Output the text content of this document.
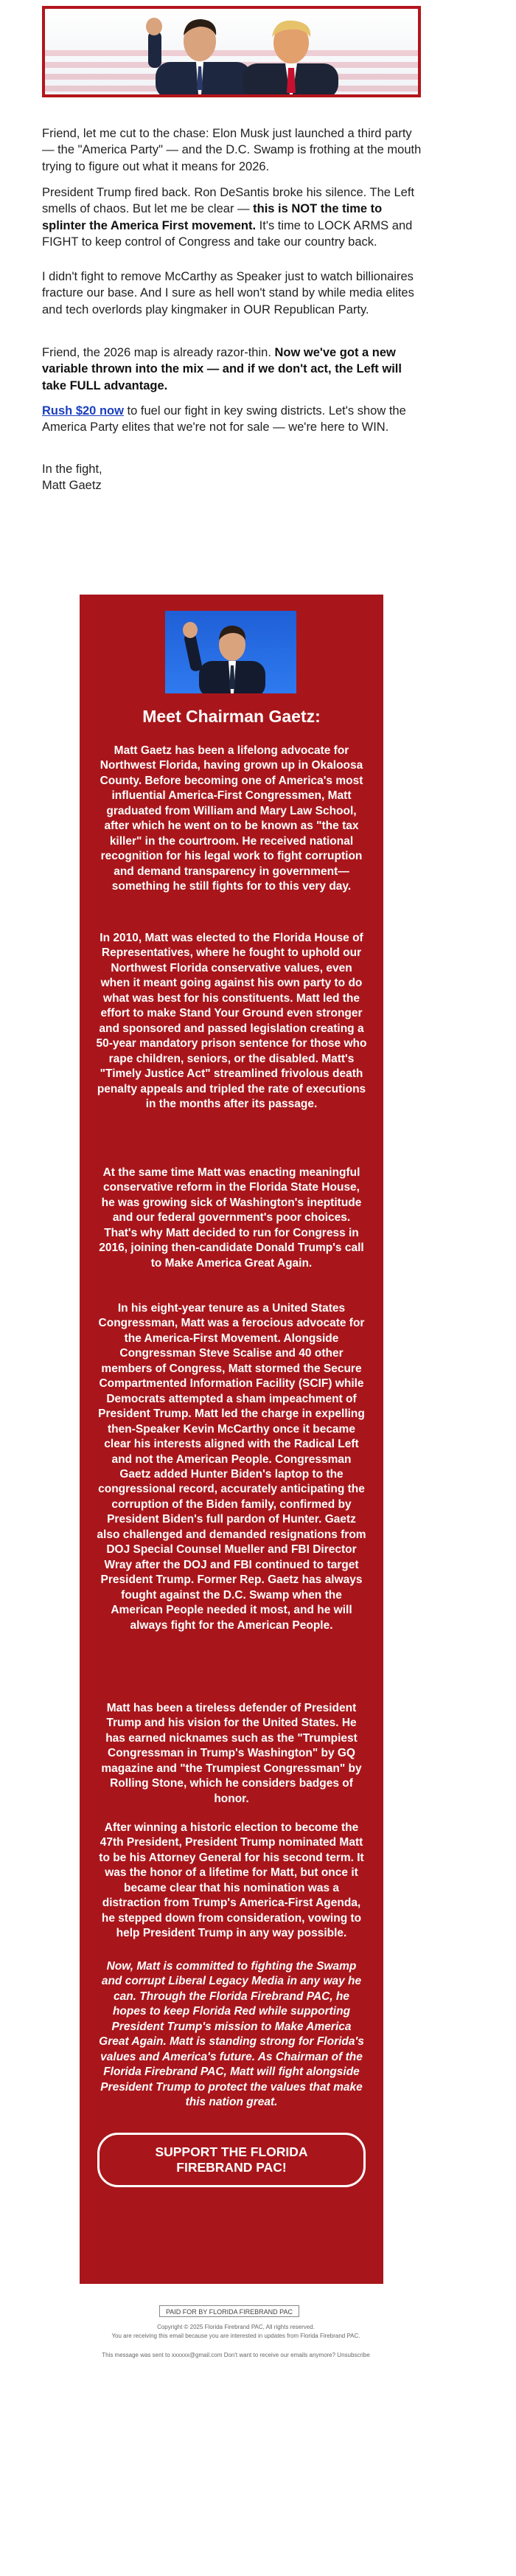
Friend, let me cut to the chase: Elon Musk just launched a third party — the "America Party" — and the D.C. Swamp is frothing at the mouth trying to figure out what it means for 2026.

President Trump fired back. Ron DeSantis broke his silence. The Left smells of chaos. But let me be clear — this is NOT the time to splinter the America First movement. It's time to LOCK ARMS and FIGHT to keep control of Congress and take our country back.

I didn't fight to remove McCarthy as Speaker just to watch billionaires fracture our base. And I sure as hell won't stand by while media elites and tech overlords play kingmaker in OUR Republican Party.

Friend, the 2026 map is already razor-thin. Now we've got a new variable thrown into the mix — and if we don't act, the Left will take FULL advantage.

Rush $20 now to fuel our fight in key swing districts. Let's show the America Party elites that we're not for sale — we're here to WIN.

In the fight,

Matt Gaetz

Meet Chairman Gaetz:

Matt Gaetz has been a lifelong advocate for Northwest Florida, having grown up in Okaloosa County. Before becoming one of America's most influential America-First Congressmen, Matt graduated from William and Mary Law School, after which he went on to be known as "the tax killer" in the courtroom. He received national recognition for his legal work to fight corruption and demand transparency in government—something he still fights for to this very day.

In 2010, Matt was elected to the Florida House of Representatives, where he fought to uphold our Northwest Florida conservative values, even when it meant going against his own party to do what was best for his constituents. Matt led the effort to make Stand Your Ground even stronger and sponsored and passed legislation creating a 50-year mandatory prison sentence for those who rape children, seniors, or the disabled. Matt's "Timely Justice Act" streamlined frivolous death penalty appeals and tripled the rate of executions in the months after its passage.

At the same time Matt was enacting meaningful conservative reform in the Florida State House, he was growing sick of Washington's ineptitude and our federal government's poor choices. That's why Matt decided to run for Congress in 2016, joining then-candidate Donald Trump's call to Make America Great Again.

In his eight-year tenure as a United States Congressman, Matt was a ferocious advocate for the America-First Movement. Alongside Congressman Steve Scalise and 40 other members of Congress, Matt stormed the Secure Compartmented Information Facility (SCIF) while Democrats attempted a sham impeachment of President Trump. Matt led the charge in expelling then-Speaker Kevin McCarthy once it became clear his interests aligned with the Radical Left and not the American People. Congressman Gaetz added Hunter Biden's laptop to the congressional record, accurately anticipating the corruption of the Biden family, confirmed by President Biden's full pardon of Hunter. Gaetz also challenged and demanded resignations from DOJ Special Counsel Mueller and FBI Director Wray after the DOJ and FBI continued to target President Trump. Former Rep. Gaetz has always fought against the D.C. Swamp when the American People needed it most, and he will always fight for the American People.

Matt has been a tireless defender of President Trump and his vision for the United States. He has earned nicknames such as the "Trumpiest Congressman in Trump's Washington" by GQ magazine and "the Trumpiest Congressman" by Rolling Stone, which he considers badges of honor.

After winning a historic election to become the 47th President, President Trump nominated Matt to be his Attorney General for his second term. It was the honor of a lifetime for Matt, but once it became clear that his nomination was a distraction from Trump's America-First Agenda, he stepped down from consideration, vowing to help President Trump in any way possible.

Now, Matt is committed to fighting the Swamp and corrupt Liberal Legacy Media in any way he can. Through the Florida Firebrand PAC, he hopes to keep Florida Red while supporting President Trump's mission to Make America Great Again. Matt is standing strong for Florida's values and America's future. As Chairman of the Florida Firebrand PAC, Matt will fight alongside President Trump to protect the values that make this nation great.

SUPPORT THE FLORIDA FIREBRAND PAC!
PAID FOR BY FLORIDA FIREBRAND PAC
Copyright © 2025 Florida Firebrand PAC, All rights reserved.
You are receiving this email because you are interested in updates from Florida Firebrand PAC.
This message was sent to xxxxxx@gmail.com Don't want to receive our emails anymore? Unsubscribe
